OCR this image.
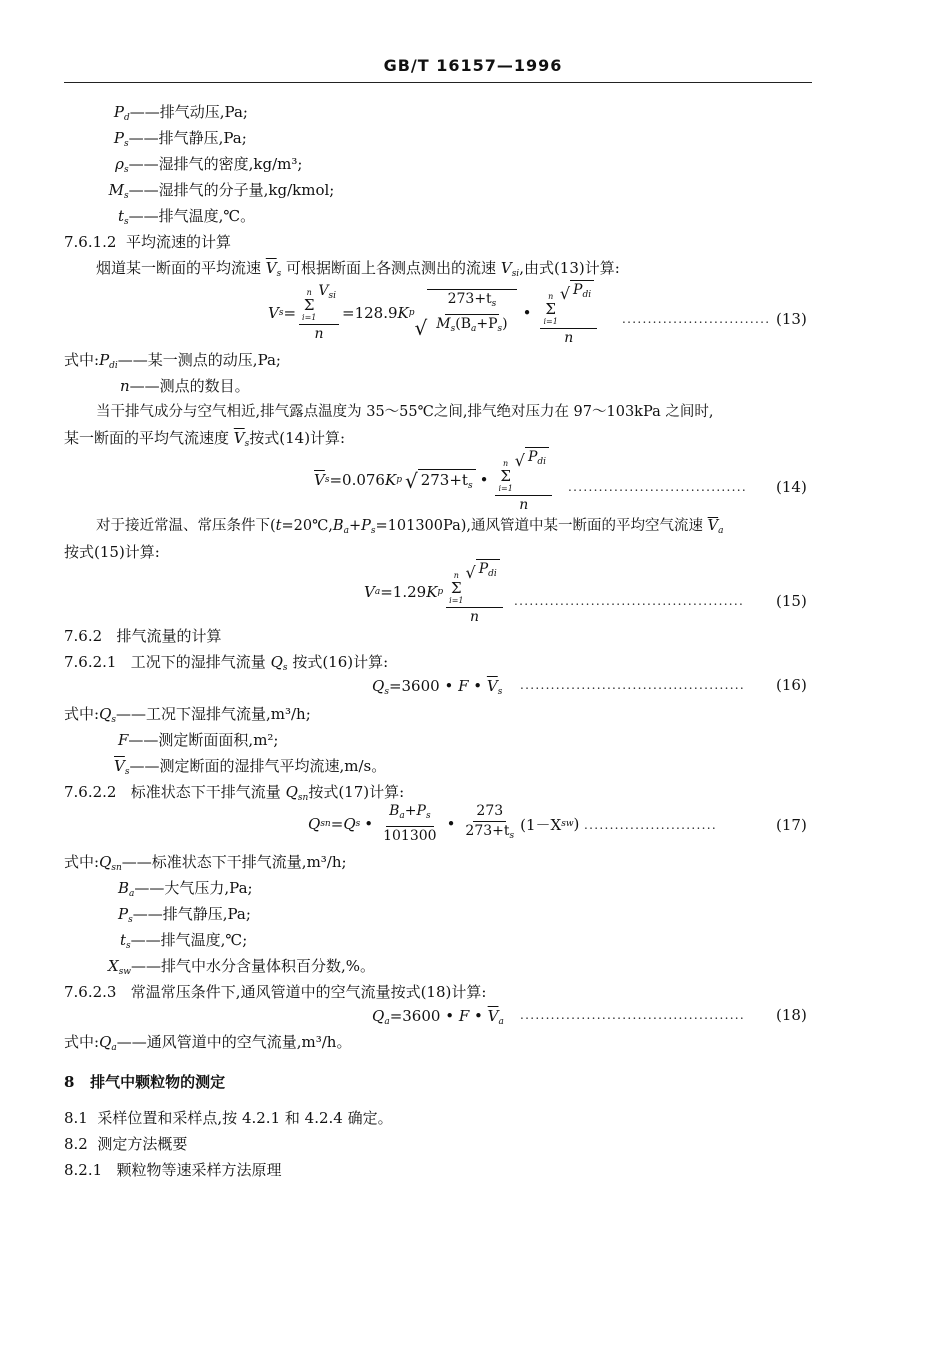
GB/T 16157—1996
$P_d——$排气动压,Pa;
$P_s——$排气静压,Pa;
$\rho_s——$湿排气的密度,kg/m³;
$M_s——$湿排气的分子量,kg/kmol;
$t_s——$排气温度,℃。
7.6.1.2 平均流速的计算
烟道某一断面的平均流速 $\overline{V}_s$ 可根据断面上各测点测出的流速 $V_{si}$,由式(13)计算:
V s = n
Σ
i=1
$V_{si}$
n =128.9 K p
√ $\frac{273+t_s}{M_s(B_a+P_s)}$ • n
Σ
i=1
√ $P_{di}$
n ............................. (13)
式中$:P_{di}——$某一测点的动压,Pa;
n——测点的数目。
当干排气成分与空气相近,排气露点温度为 35～55℃之间,排气绝对压力在 97～103kPa 之间时,
某一断面的平均气流速度 $\overline{V}_s$按式(14)计算:
$\overline{V}$ s =0.076 K p √ $273+t_s$ • n
Σ
i=1
√ $P_{di}$
n ................................... (14)
对于接近常温、常压条件下$(t=20℃,B_a+P_s=101300Pa)$,通风管道中某一断面的平均空气流速 $\overline{V}_a$
按式(15)计算:
V a =1.29 K p n
Σ
i=1
√ $P_{di}$
n ............................................. (15)
7.6.2 排气流量的计算
7.6.2.1 工况下的湿排气流量 $Q_s$ 按式(16)计算:
$Q_s=3600$ • F • $\overline{V}_s$ ............................................ (16)
式中$:Q_s——$工况下湿排气流量,m³/h;
F——测定断面面积,m²;
$\overline{V}_s——$测定断面的湿排气平均流速,m/s。
7.6.2.2 标准状态下干排气流量 $Q_{sn}$按式(17)计算:
Q sn = Q s • $\frac{B_a+P_s}{101300}$ • $\frac{273}{273+t_s} (1-X$ sw ) ..........................	(17)
式中$:Q_{sn}——$标准状态下干排气流量,m³/h;
$B_a——$大气压力,Pa;
$P_s——$排气静压,Pa;
$t_s——$排气温度,℃;
$X_{sw}——$排气中水分含量体积百分数,%。
7.6.2.3 常温常压条件下,通风管道中的空气流量按式(18)计算:
$Q_a=3600$ • F • $\overline{V}_a$ ............................................ (18)
式中$:Q_a——$通风管道中的空气流量,m³/h。
8 排气中颗粒物的测定
8.1 采样位置和采样点,按 4.2.1 和 4.2.4 确定。
8.2 测定方法概要
8.2.1 颗粒物等速采样方法原理
